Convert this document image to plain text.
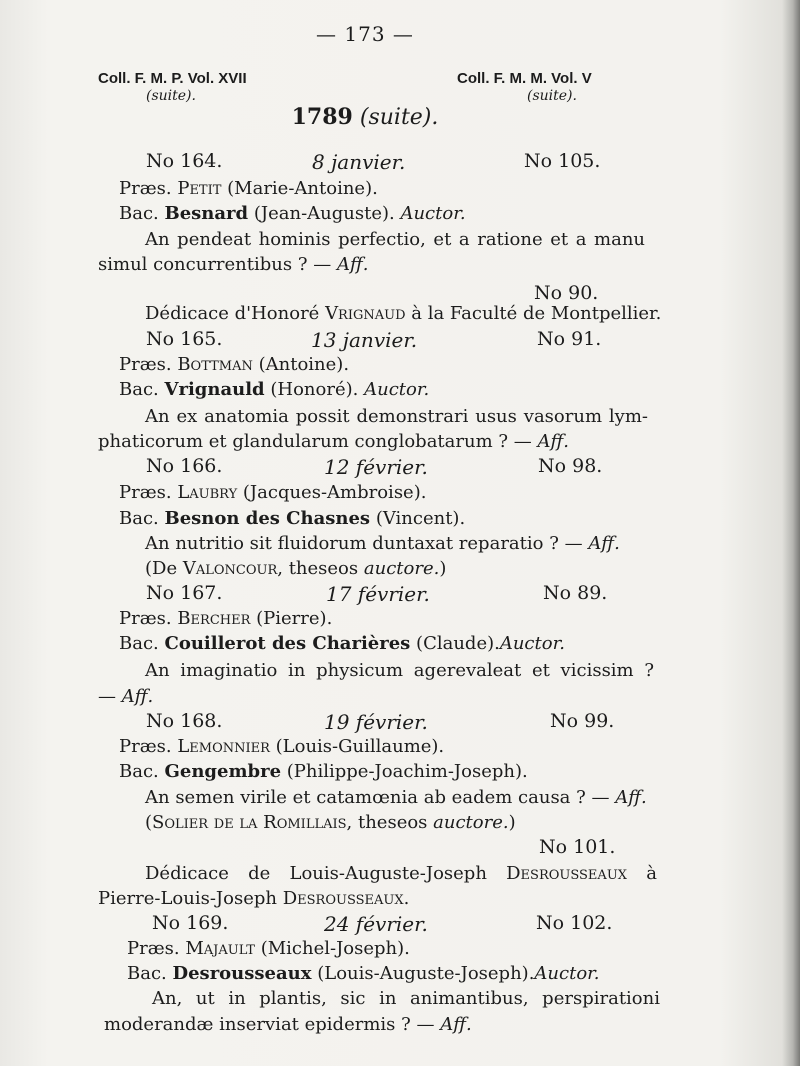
— 173 —
Coll. F. M. P. Vol. XVII
(suite).
Coll. F. M. M. Vol. V
(suite).
1789 (suite).
No 164.	8 janvier.	No 105.
Præs. Petit (Marie-Antoine).
Bac. Besnard (Jean-Auguste). Auctor.
An pendeat hominis perfectio, et a ratione et a manu
simul concurrentibus ? — Aff.
No 90.
Dédicace d'Honoré Vrignaud à la Faculté de Montpellier.
No 165.	13 janvier.	No 91.
Præs. Bottman (Antoine).
Bac. Vrignauld (Honoré). Auctor.
An ex anatomia possit demonstrari usus vasorum lym-
phaticorum et glandularum conglobatarum ? — Aff.
No 166.	12 février.	No 98.
Præs. Laubry (Jacques-Ambroise).
Bac. Besnon des Chasnes (Vincent).
An nutritio sit fluidorum duntaxat reparatio ? — Aff.
(De Valoncour, theseos auctore.)
No 167.	17 février.	No 89.
Præs. Bercher (Pierre).
Bac. Couillerot des Charières (Claude).Auctor.
An imaginatio in physicum agerevaleat et vicissim ?
— Aff.
No 168.	19 février.	No 99.
Præs. Lemonnier (Louis-Guillaume).
Bac. Gengembre (Philippe-Joachim-Joseph).
An semen virile et catamœnia ab eadem causa ? — Aff.
(Solier de la Romillais, theseos auctore.)
No 101.
Dédicace de Louis-Auguste-Joseph Desrousseaux à
Pierre-Louis-Joseph Desrousseaux.
No 169.	24 février.	No 102.
Præs. Majault (Michel-Joseph).
Bac. Desrousseaux (Louis-Auguste-Joseph).Auctor.
An, ut in plantis, sic in animantibus, perspirationi
moderandæ inserviat epidermis ? — Aff.
